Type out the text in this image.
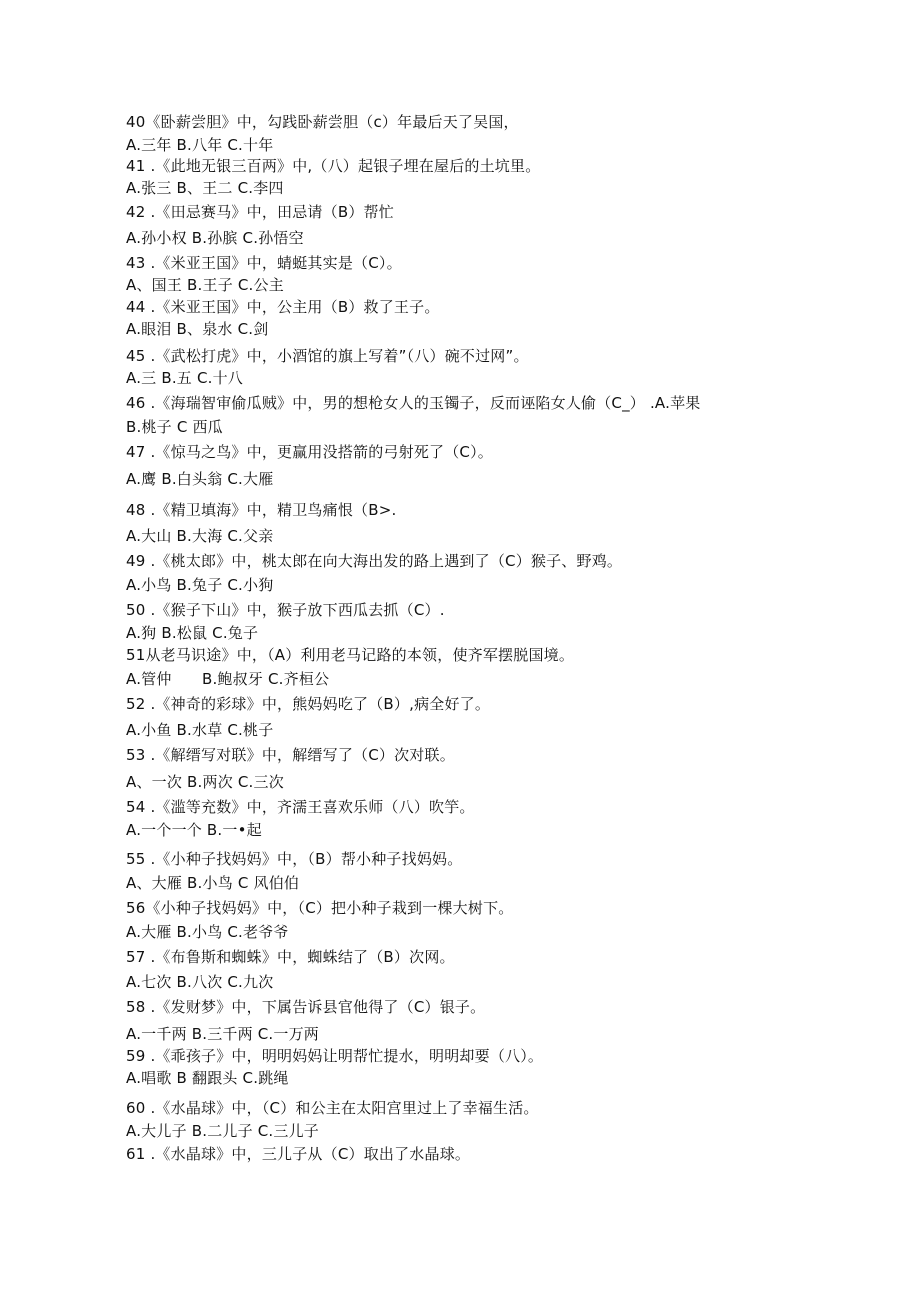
40《卧薪尝胆》中，勾践卧薪尝胆（c）年最后天了吴国，
A.三年 B.八年 C.十年
41 .《此地无银三百两》中,（八）起银子埋在屋后的土坑里。
A.张三 B、王二 C.李四
42 .《田忌赛马》中，田忌请（B）帮忙
A.孙小权 B.孙膑 C.孙悟空
43 .《米亚王国》中，蜻蜓其实是（C）。
A、国王 B.王子 C.公主
44 .《米亚王国》中，公主用（B）救了王子。
A.眼泪 B、泉水 C.剑
45 .《武松打虎》中，小酒馆的旗上写着”（八）碗不过网”。
A.三 B.五 C.十八
46 .《海瑞智审偷瓜贼》中，男的想枪女人的玉镯子，反而诬陷女人偷（C_） .A.苹果
B.桃子 C 西瓜
47 .《惊马之鸟》中，更赢用没搭箭的弓射死了（C）。
A.鹰 B.白头翁 C.大雁
48 .《精卫填海》中，精卫鸟痛恨（B>.
A.大山 B.大海 C.父亲
49 .《桃太郎》中，桃太郎在向大海出发的路上遇到了（C）猴子、野鸡。
A.小鸟 B.兔子 C.小狗
50 .《猴子下山》中，猴子放下西瓜去抓（C）.
A.狗 B.松鼠 C.兔子
51从老马识途》中，（A）利用老马记路的本领，使齐军摆脱国境。
A.管仲　　B.鲍叔牙 C.齐桓公
52 .《神奇的彩球》中，熊妈妈吃了（B）,病全好了。
A.小鱼 B.水草 C.桃子
53 .《解缙写对联》中，解缙写了（C）次对联。
A、一次 B.两次 C.三次
54 .《滥等充数》中，齐濡王喜欢乐师（八）吹竽。
A.一个一个 B.一•起
55 .《小种子找妈妈》中，（B）帮小种子找妈妈。
A、大雁 B.小鸟 C 风伯伯
56《小种子找妈妈》中，（C）把小种子栽到一棵大树下。
A.大雁 B.小鸟 C.老爷爷
57 .《布鲁斯和蜘蛛》中，蜘蛛结了（B）次网。
A.七次 B.八次 C.九次
58 .《发财梦》中，下属告诉县官他得了（C）银子。
A.一千两 B.三千两 C.一万两
59 .《乖孩子》中，明明妈妈让明帮忙提水，明明却要（八）。
A.唱歌 B 翻跟头 C.跳绳
60 .《水晶球》中，（C）和公主在太阳宫里过上了幸福生活。
A.大儿子 B.二儿子 C.三儿子
61 .《水晶球》中，三儿子从（C）取出了水晶球。
